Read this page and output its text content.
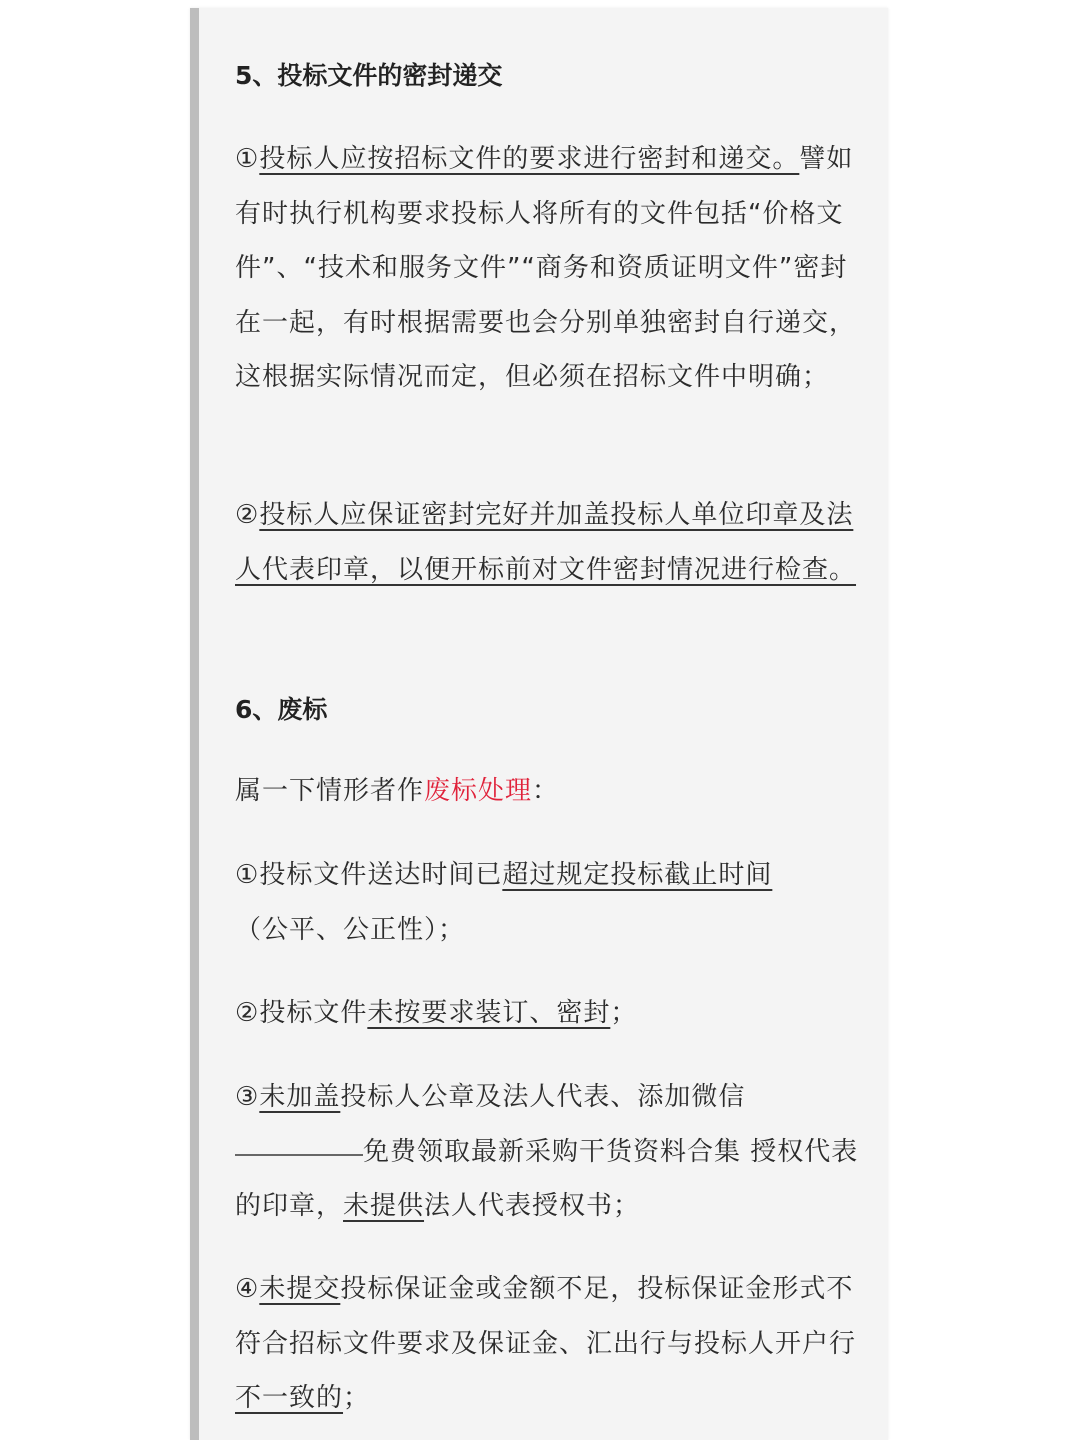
5、投标文件的密封递交
①投标人应按招标文件的要求进行密封和递交。譬如有时执行机构要求投标人将所有的文件包括“价格文件”、“技术和服务文件”“商务和资质证明文件”密封在一起，有时根据需要也会分别单独密封自行递交，这根据实际情况而定，但必须在招标文件中明确；
②投标人应保证密封完好并加盖投标人单位印章及法人代表印章，以便开标前对文件密封情况进行检查。
6、废标
属一下情形者作废标处理：
①投标文件送达时间已超过规定投标截止时间
（公平、公正性）；
②投标文件未按要求装订、密封；
③未加盖投标人公章及法人代表、添加微信
免费领取最新采购干货资料合集 授权代表的印章，未提供法人代表授权书；
④未提交投标保证金或金额不足，投标保证金形式不符合招标文件要求及保证金、汇出行与投标人开户行不一致的；
